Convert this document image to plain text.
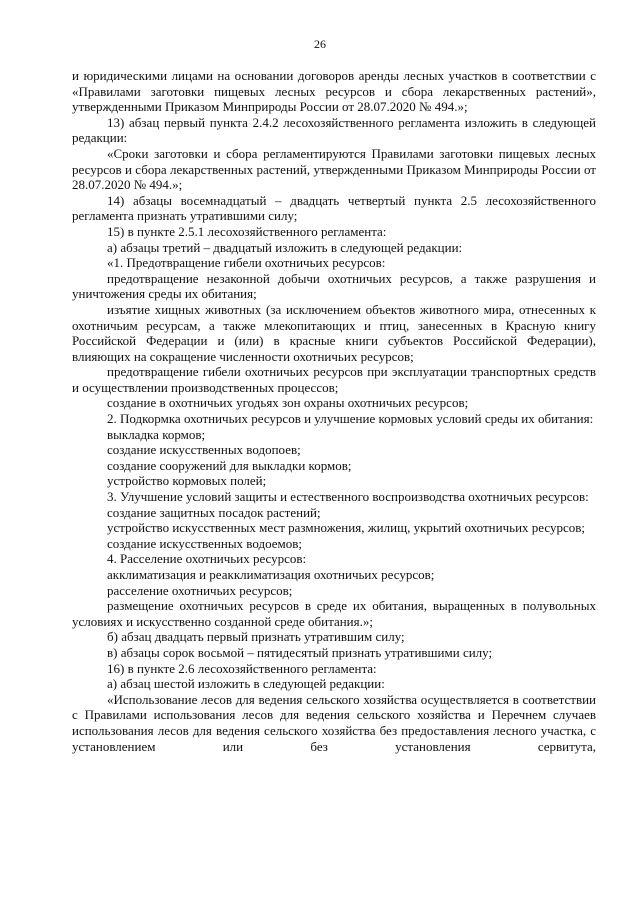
26

и юридическими лицами на основании договоров аренды лесных участков в соответствии с «Правилами заготовки пищевых лесных ресурсов и сбора лекарственных растений», утвержденными Приказом Минприроды России от 28.07.2020 № 494.»;

13) абзац первый пункта 2.4.2 лесохозяйственного регламента изложить в следующей редакции:

«Сроки заготовки и сбора регламентируются Правилами заготовки пищевых лесных ресурсов и сбора лекарственных растений, утвержденными Приказом Минприроды России от 28.07.2020 № 494.»;

14) абзацы восемнадцатый – двадцать четвертый пункта 2.5 лесохозяйственного регламента признать утратившими силу;

15) в пункте 2.5.1 лесохозяйственного регламента:

а) абзацы третий – двадцатый изложить в следующей редакции:

«1. Предотвращение гибели охотничьих ресурсов:

предотвращение незаконной добычи охотничьих ресурсов, а также разрушения и уничтожения среды их обитания;

изъятие хищных животных (за исключением объектов животного мира, отнесенных к охотничьим ресурсам, а также млекопитающих и птиц, занесенных в Красную книгу Российской Федерации и (или) в красные книги субъектов Российской Федерации), влияющих на сокращение численности охотничьих ресурсов;

предотвращение гибели охотничьих ресурсов при эксплуатации транспортных средств и осуществлении производственных процессов;

создание в охотничьих угодьях зон охраны охотничьих ресурсов;

2. Подкормка охотничьих ресурсов и улучшение кормовых условий среды их обитания:

выкладка кормов;

создание искусственных водопоев;

создание сооружений для выкладки кормов;

устройство кормовых полей;

3. Улучшение условий защиты и естественного воспроизводства охотничьих ресурсов:

создание защитных посадок растений;

устройство искусственных мест размножения, жилищ, укрытий охотничьих ресурсов;

создание искусственных водоемов;

4. Расселение охотничьих ресурсов:

акклиматизация и реакклиматизация охотничьих ресурсов;

расселение охотничьих ресурсов;

размещение охотничьих ресурсов в среде их обитания, выращенных в полувольных условиях и искусственно созданной среде обитания.»;

б) абзац двадцать первый признать утратившим силу;

в) абзацы сорок восьмой – пятидесятый признать утратившими силу;

16) в пункте 2.6 лесохозяйственного регламента:

а) абзац шестой изложить в следующей редакции:

«Использование лесов для ведения сельского хозяйства осуществляется в соответствии с Правилами использования лесов для ведения сельского хозяйства и Перечнем случаев использования лесов для ведения сельского хозяйства без предоставления лесного участка, с установлением или без установления сервитута,
